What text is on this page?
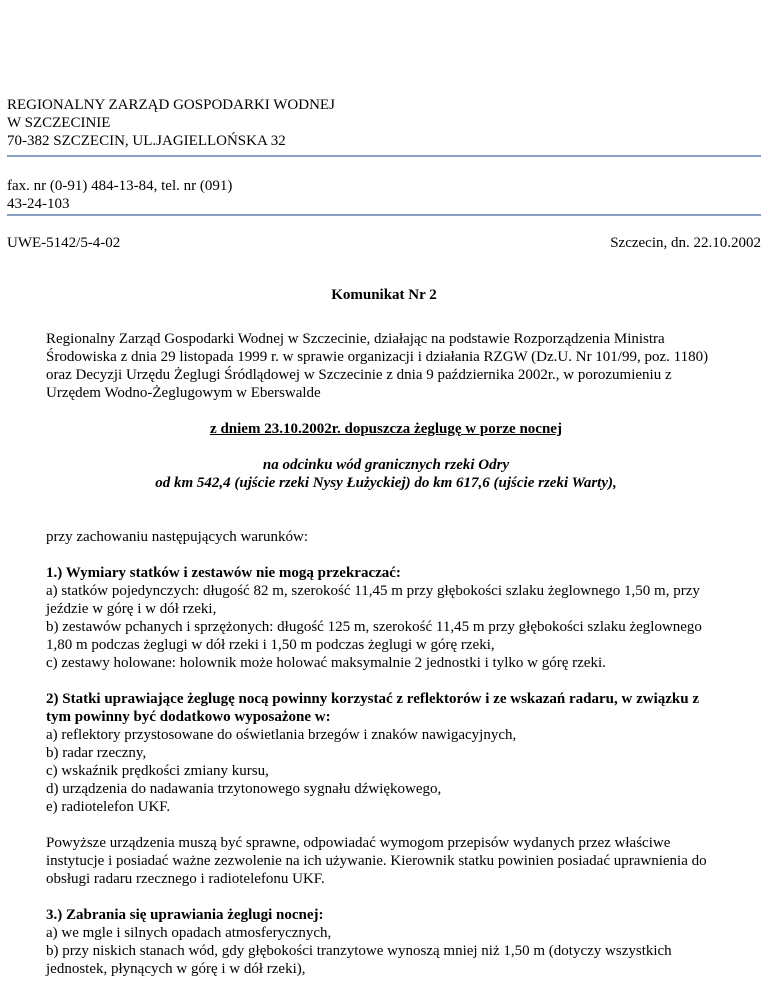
REGIONALNY ZARZĄD GOSPODARKI WODNEJ
W SZCZECINIE
70-382 SZCZECIN, UL.JAGIELLOŃSKA 32
fax. nr (0-91) 484-13-84, tel. nr (091)
43-24-103
UWE-5142/5-4-02	Szczecin, dn. 22.10.2002
Komunikat Nr 2

Regionalny Zarząd Gospodarki Wodnej w Szczecinie, działając na podstawie Rozporządzenia Ministra Środowiska z dnia 29 listopada 1999 r. w sprawie organizacji i działania RZGW (Dz.U. Nr 101/99, poz. 1180) oraz Decyzji Urzędu Żeglugi Śródlądowej w Szczecinie z dnia 9 października 2002r., w porozumieniu z Urzędem Wodno-Żeglugowym w Eberswalde

z dniem 23.10.2002r. dopuszcza żeglugę w porze nocnej
na odcinku wód granicznych rzeki Odry
od km 542,4 (ujście rzeki Nysy Łużyckiej) do km 617,6 (ujście rzeki Warty),

przy zachowaniu następujących warunków:

1.) Wymiary statków i zestawów nie mogą przekraczać:
a) statków pojedynczych: długość 82 m, szerokość 11,45 m przy głębokości szlaku żeglownego 1,50 m, przy jeździe w górę i w dół rzeki,
b) zestawów pchanych i sprzężonych: długość 125 m, szerokość 11,45 m przy głębokości szlaku żeglownego 1,80 m podczas żeglugi w dół rzeki i 1,50 m podczas żeglugi w górę rzeki,
c) zestawy holowane: holownik może holować maksymalnie 2 jednostki i tylko w górę rzeki.
2) Statki uprawiające żeglugę nocą powinny korzystać z reflektorów i ze wskazań radaru, w związku z tym powinny być dodatkowo wyposażone w:
a) reflektory przystosowane do oświetlania brzegów i znaków nawigacyjnych,
b) radar rzeczny,
c) wskaźnik prędkości zmiany kursu,
d) urządzenia do nadawania trzytonowego sygnału dźwiękowego,
e) radiotelefon UKF.

Powyższe urządzenia muszą być sprawne, odpowiadać wymogom przepisów wydanych przez właściwe instytucje i posiadać ważne zezwolenie na ich używanie. Kierownik statku powinien posiadać uprawnienia do obsługi radaru rzecznego i radiotelefonu UKF.

3.) Zabrania się uprawiania żeglugi nocnej:
a) we mgle i silnych opadach atmosferycznych,
b) przy niskich stanach wód, gdy głębokości tranzytowe wynoszą mniej niż 1,50 m (dotyczy wszystkich jednostek, płynących w górę i w dół rzeki),
